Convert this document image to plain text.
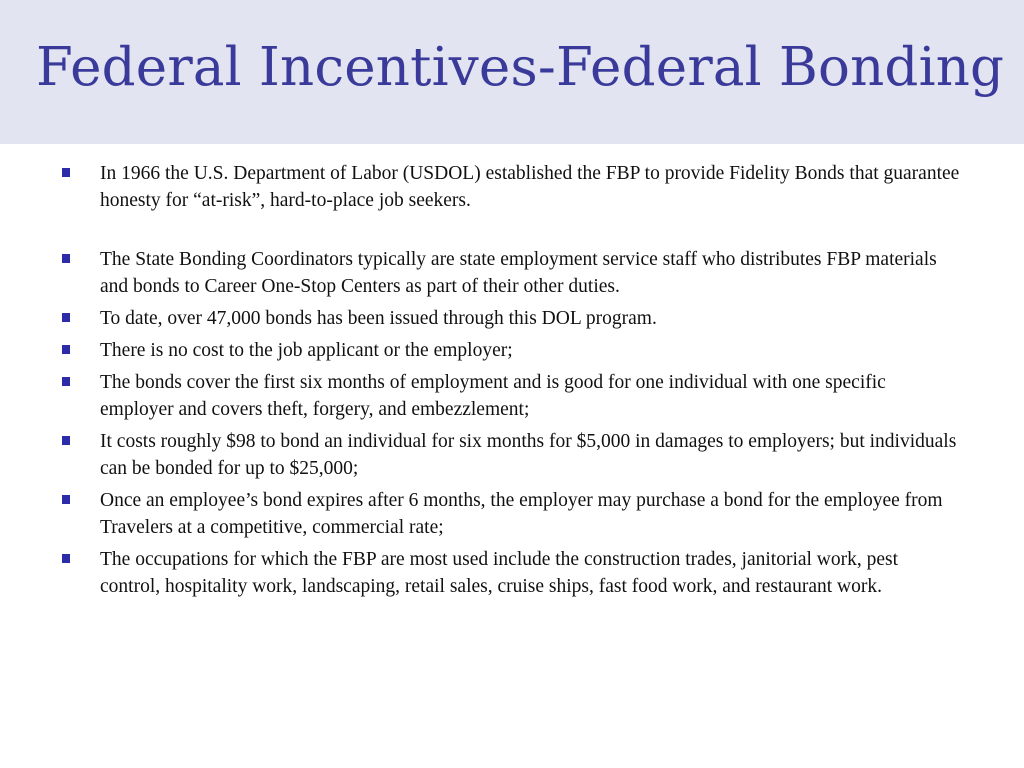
Federal Incentives-Federal Bonding
In 1966 the U.S. Department of Labor (USDOL) established the FBP to provide Fidelity Bonds that guarantee honesty for “at-risk”, hard-to-place job seekers.
The State Bonding Coordinators typically are state employment service staff who distributes FBP materials and bonds to Career One-Stop Centers as part of their other duties.
To date, over 47,000 bonds has been issued through this DOL program.
There is no cost to the job applicant or the employer;
The bonds cover the first six months of employment and is good for one individual with one specific employer and covers theft, forgery, and embezzlement;
It costs roughly $98 to bond an individual for six months for $5,000 in damages to employers; but individuals can be bonded for up to $25,000;
Once an employee’s bond expires after 6 months, the employer may purchase a bond for the employee from Travelers at a competitive, commercial rate;
The occupations for which the FBP are most used include the construction trades, janitorial work, pest control, hospitality work, landscaping, retail sales, cruise ships, fast food work, and restaurant work.
